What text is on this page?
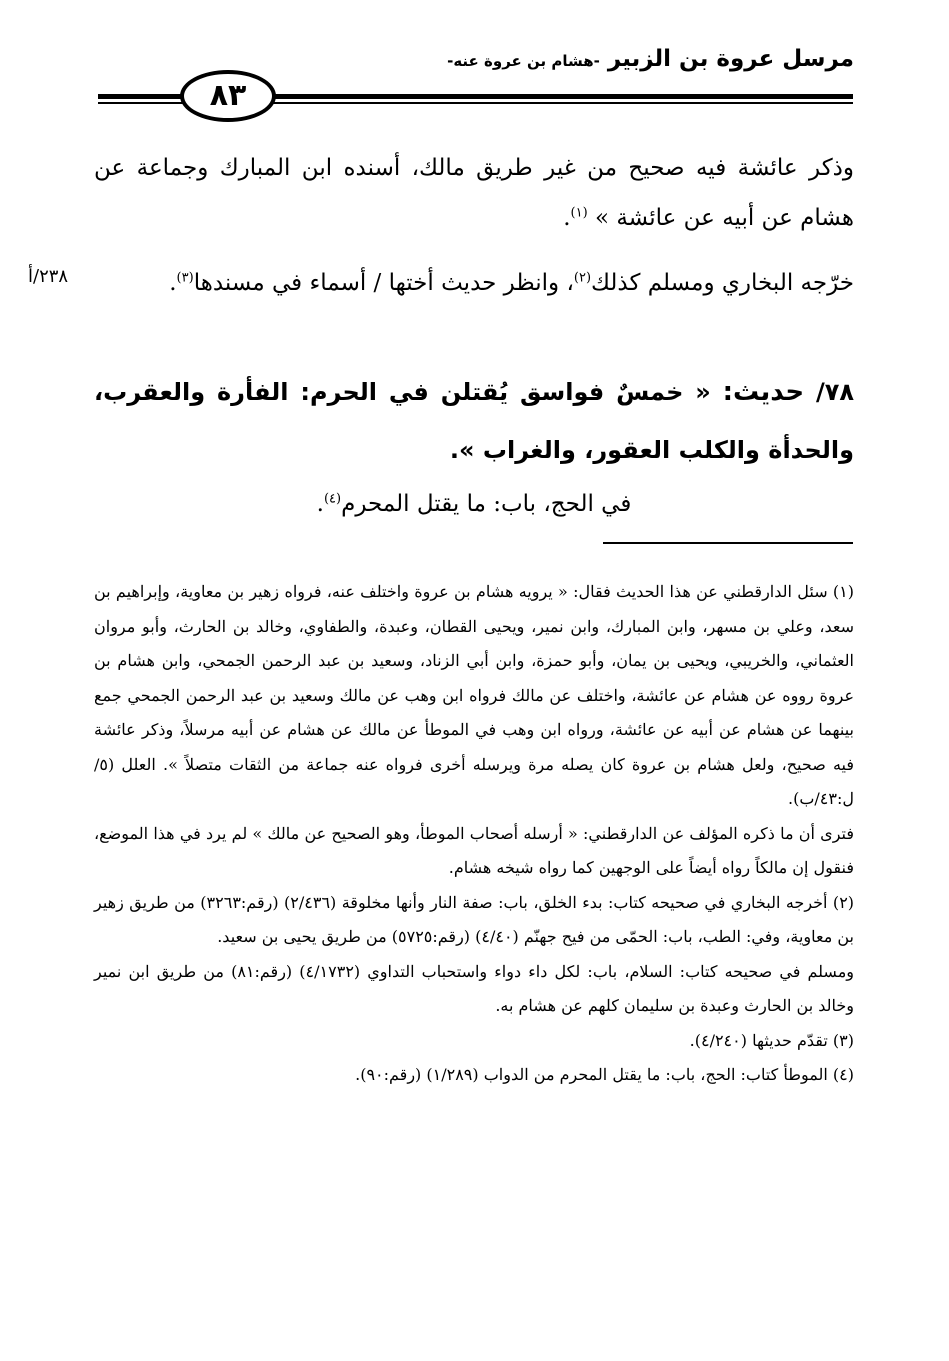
مرسل عروة بن الزبير -هشام بن عروة عنه-
٨٣
وذكر عائشة فيه صحيح من غير طريق مالك، أسنده ابن المبارك وجماعة عن هشام عن أبيه عن عائشة » $^{(١)}$.
خرّجه البخاري ومسلم كذلك$^{(٢)}$، وانظر حديث أختها / أسماء في مسندها$^{(٣)}$.
٢٣٨/أ
٧٨/ حديث: « خمسٌ فواسق يُقتلن في الحرم: الفأرة والعقرب، والحدأة والكلب العقور، والغراب ».
في الحج، باب: ما يقتل المحرم$^{(٤)}$.

(١) سئل الدارقطني عن هذا الحديث فقال: « يرويه هشام بن عروة واختلف عنه، فرواه زهير بن معاوية، وإبراهيم بن سعد، وعلي بن مسهر، وابن المبارك، وابن نمير، ويحيى القطان، وعبدة، والطفاوي، وخالد بن الحارث، وأبو مروان العثماني، والخريبي، ويحيى بن يمان، وأبو حمزة، وابن أبي الزناد، وسعيد بن عبد الرحمن الجمحي، وابن هشام بن عروة رووه عن هشام عن عائشة، واختلف عن مالك فرواه ابن وهب عن مالك وسعيد بن عبد الرحمن الجمحي جمع بينهما عن هشام عن أبيه عن عائشة، ورواه ابن وهب في الموطأ عن مالك عن هشام عن أبيه مرسلاً، وذكر عائشة فيه صحيح، ولعل هشام بن عروة كان يصله مرة ويرسله أخرى فرواه عنه جماعة من الثقات متصلاً ». العلل (٥/ل:٤٣/ب).

فترى أن ما ذكره المؤلف عن الدارقطني: « أرسله أصحاب الموطأ، وهو الصحيح عن مالك » لم يرد في هذا الموضع، فنقول إن مالكاً رواه أيضاً على الوجهين كما رواه شيخه هشام.

(٢) أخرجه البخاري في صحيحه كتاب: بدء الخلق، باب: صفة النار وأنها مخلوقة (٢/٤٣٦) (رقم:٣٢٦٣) من طريق زهير بن معاوية، وفي: الطب، باب: الحمّى من فيح جهنّم (٤/٤٠) (رقم:٥٧٢٥) من طريق يحيى بن سعيد.

ومسلم في صحيحه كتاب: السلام، باب: لكل داء دواء واستحباب التداوي (٤/١٧٣٢) (رقم:٨١) من طريق ابن نمير وخالد بن الحارث وعبدة بن سليمان كلهم عن هشام به.

(٣) تقدّم حديثها (٤/٢٤٠).

(٤) الموطأ كتاب: الحج، باب: ما يقتل المحرم من الدواب (١/٢٨٩) (رقم:٩٠).
